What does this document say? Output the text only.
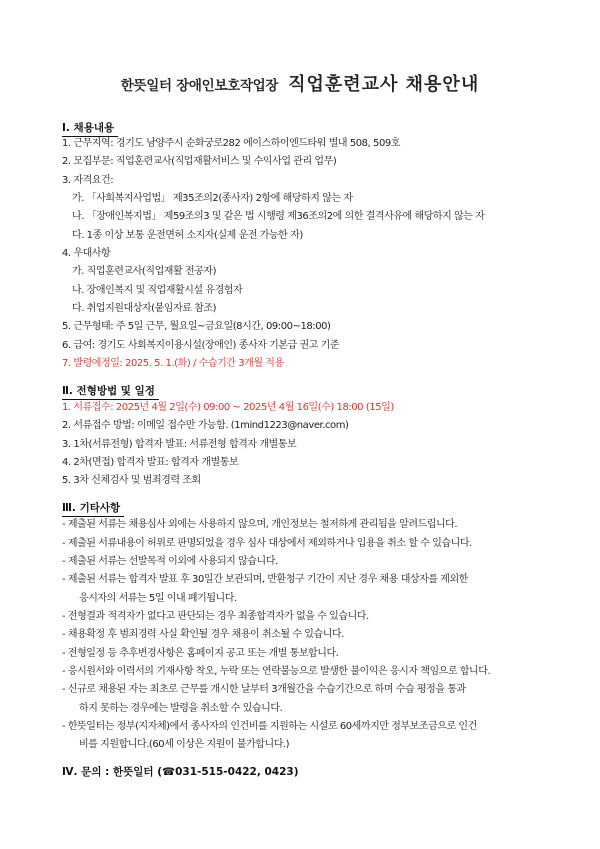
한뜻일터 장애인보호작업장 직업훈련교사 채용안내
Ⅰ. 채용내용
1. 근무지역: 경기도 남양주시 순화궁로282 에이스하이엔드타워 별내 508, 509호
2. 모집부문: 직업훈련교사(직업재활서비스 및 수익사업 관리 업무)
3. 자격요건:
가. 「사회복지사업법」 제35조의2(종사자) 2항에 해당하지 않는 자
나. 「장애인복지법」 제59조의3 및 같은 법 시행령 제36조의2에 의한 결격사유에 해당하지 않는 자
다. 1종 이상 보통 운전면허 소지자(실제 운전 가능한 자)
4. 우대사항
가. 직업훈련교사(직업재활 전공자)
나. 장애인복지 및 직업재활시설 유경험자
다. 취업지원대상자(붙임자료 참조)
5. 근무형태: 주 5일 근무, 월요일~금요일(8시간, 09:00~18:00)
6. 급여: 경기도 사회복지이용시설(장애인) 종사자 기본급 권고 기준
7. 발령예정일: 2025. 5. 1.(화) / 수습기간 3개월 적용
Ⅱ. 전형방법 및 일정
1. 서류접수: 2025년 4월 2일(수) 09:00 ~ 2025년 4월 16일(수) 18:00 (15일)
2. 서류접수 방법: 이메일 접수만 가능함. (1mind1223@naver.com)
3. 1차(서류전형) 합격자 발표: 서류전형 합격자 개별통보
4. 2차(면접) 합격자 발표: 합격자 개별통보
5. 3차 신체검사 및 범죄경력 조회
Ⅲ. 기타사항
- 제출된 서류는 채용심사 외에는 사용하지 않으며, 개인정보는 철저하게 관리됨을 알려드립니다.
- 제출된 서류내용이 허위로 판명되었을 경우 심사 대상에서 제외하거나 입용을 취소 할 수 있습니다.
- 제출된 서류는 선발목적 이외에 사용되지 않습니다.
- 제출된 서류는 합격자 발표 후 30일간 보관되며, 반환청구 기간이 지난 경우 채용 대상자를 제외한
응시자의 서류는 5일 이내 폐기됩니다.
- 전형결과 적격자가 없다고 판단되는 경우 최종합격자가 없을 수 있습니다.
- 채용확정 후 범죄경력 사실 확인될 경우 채용이 취소될 수 있습니다.
- 전형일정 등 추후변경사항은 홈페이지 공고 또는 개별 통보합니다.
- 응시원서와 이력서의 기재사항 착오, 누락 또는 연락불능으로 발생한 불이익은 응시자 책임으로 합니다.
- 신규로 채용된 자는 최초로 근무를 개시한 날부터 3개월간을 수습기간으로 하며 수습 평정을 통과
하지 못하는 경우에는 발령을 취소할 수 있습니다.
- 한뜻일터는 정부(지자체)에서 종사자의 인건비를 지원하는 시설로 60세까지만 정부보조금으로 인건
비를 지원합니다.(60세 이상은 지원이 불가합니다.)
Ⅳ. 문의 : 한뜻일터 (☎031-515-0422, 0423)
